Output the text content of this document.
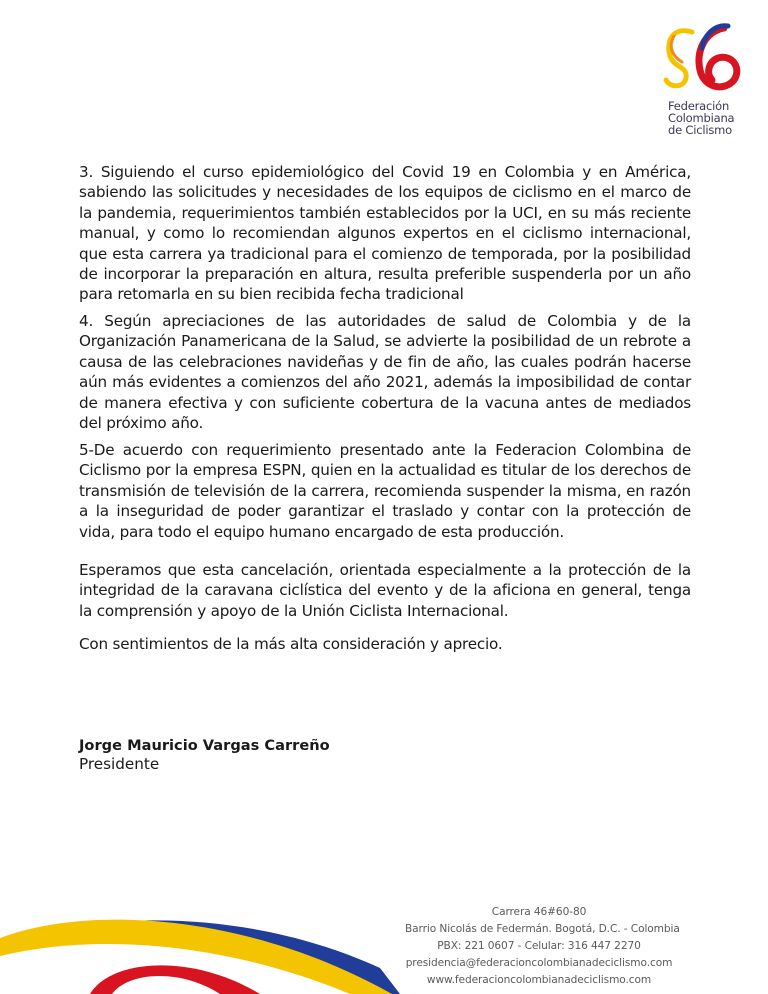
Federación
Colombiana
de Ciclismo

3. Siguiendo el curso epidemiológico del Covid 19 en Colombia y en América, sabiendo las solicitudes y necesidades de los equipos de ciclismo en el marco de la pandemia, requerimientos también establecidos por la UCI, en su más reciente manual, y como lo recomiendan algunos expertos en el ciclismo internacional, que esta carrera ya tradicional para el comienzo de temporada, por la posibilidad de incorporar la preparación en altura, resulta preferible suspenderla por un año para retomarla en su bien recibida fecha tradicional

4. Según apreciaciones de las autoridades de salud de Colombia y de la Organización Panamericana de la Salud, se advierte la posibilidad de un rebrote a causa de las celebraciones navideñas y de fin de año, las cuales podrán hacerse aún más evidentes a comienzos del año 2021, además la imposibilidad de contar de manera efectiva y con suficiente cobertura de la vacuna antes de mediados del próximo año.

5-De acuerdo con requerimiento presentado ante la Federacion Colombina de Ciclismo por la empresa ESPN, quien en la actualidad es titular de los derechos de transmisión de televisión de la carrera, recomienda suspender la misma, en razón a la inseguridad de poder garantizar el traslado y contar con la protección de vida, para todo el equipo humano encargado de esta producción.

Esperamos que esta cancelación, orientada especialmente a la protección de la integridad de la caravana ciclística del evento y de la aficiona en general, tenga la comprensión y apoyo de la Unión Ciclista Internacional.

Con sentimientos de la más alta consideración y aprecio.

Jorge Mauricio Vargas Carreño

Presidente

Carrera 46#60-80
Barrio Nicolás de Federmán. Bogotá, D.C. - Colombia
PBX: 221 0607 - Celular: 316 447 2270
presidencia@federacioncolombianadeciclismo.com
www.federacioncolombianadeciclismo.com
